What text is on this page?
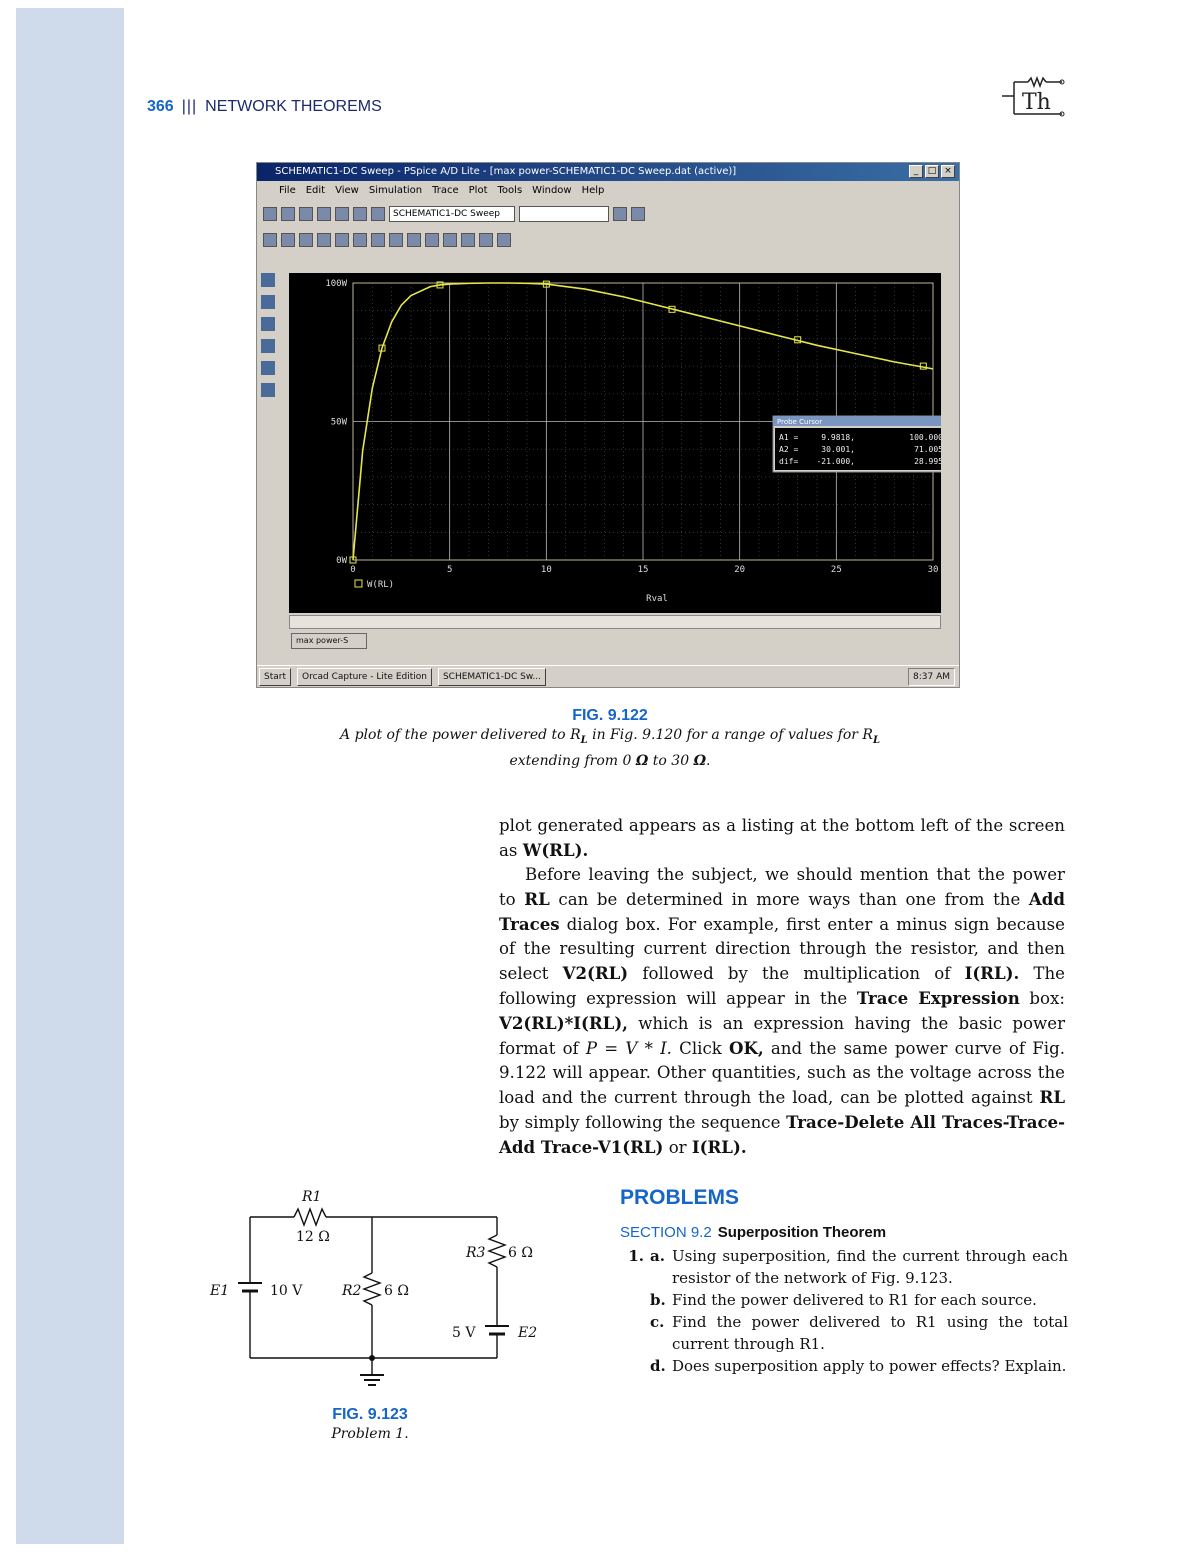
366 ||| NETWORK THEOREMS	Th
SCHEMATIC1-DC Sweep - PSpice A/D Lite - [max power-SCHEMATIC1-DC Sweep.dat (active)]	_	□ ×
File Edit View Simulation Trace Plot Tools Window Help
SCHEMATIC1-DC Sweep
0	5	10	15	20	25	30
0W
50W
100W
W(RL)
Rval
Probe Cursor
A1 =	9.9818,	100.000
A2 =	30.001,	71.005
dif= -21.000,	28.995
max power-S
Start	Orcad Capture - Lite Edition	SCHEMATIC1-DC Sw...	8:37 AM
FIG. 9.122
A plot of the power delivered to $R_L$ in Fig. 9.120 for a range of values for $R_L$
extending from 0 Ω to 30 Ω.

plot generated appears as a listing at the bottom left of the screen as W(RL).

Before leaving the subject, we should mention that the power to RL can be determined in more ways than one from the Add Traces dialog box. For example, first enter a minus sign because of the resulting current direction through the resistor, and then select V2(RL) followed by the multiplication of I(RL). The following expression will appear in the Trace Expression box: V2(RL)*I(RL), which is an expression having the basic power format of P = V * I. Click OK, and the same power curve of Fig. 9.122 will appear. Other quantities, such as the voltage across the load and the current through the load, can be plotted against RL by simply following the sequence Trace-Delete All Traces-Trace-Add Trace-V1(RL) or I(RL).

R1
12 Ω
R2 6 Ω
R3 6 Ω
E1	10 V
5 V	E2
FIG. 9.123
Problem 1.
PROBLEMS
SECTION 9.2 Superposition Theorem
1. a. Using superposition, find the current through each resistor of the network of Fig. 9.123.
b. Find the power delivered to R1 for each source.
c. Find the power delivered to R1 using the total current through R1.
d. Does superposition apply to power effects? Explain.
